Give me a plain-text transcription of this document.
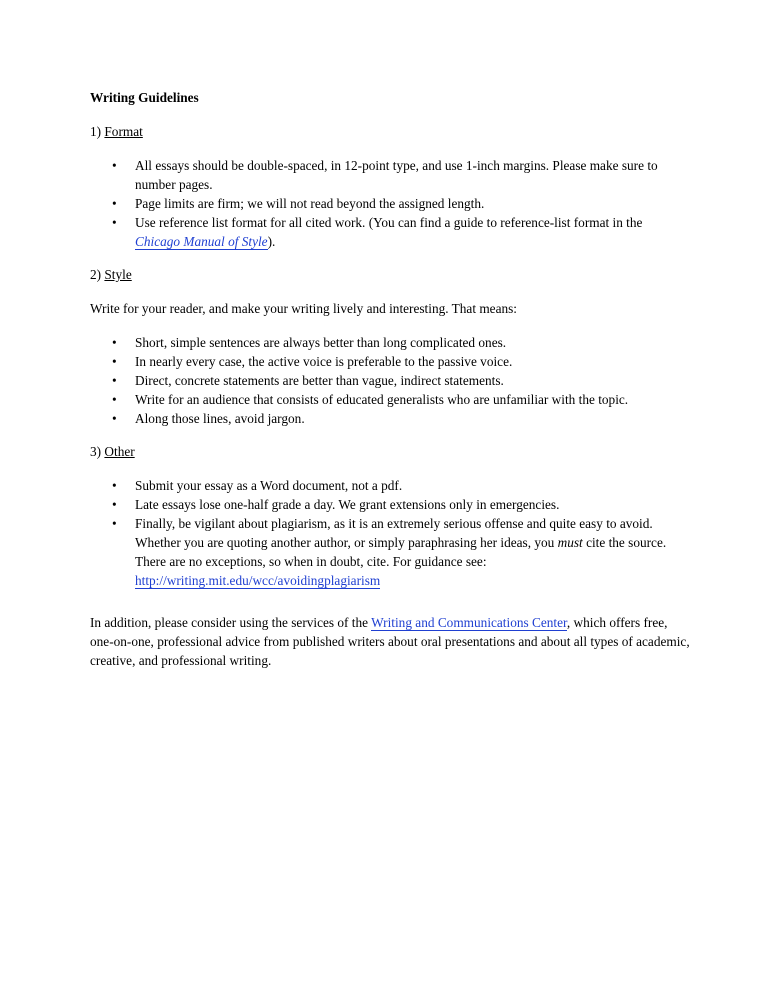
Writing Guidelines

1) Format

• All essays should be double-spaced, in 12-point type, and use 1-inch margins. Please make sure to number pages.
• Page limits are firm; we will not read beyond the assigned length.
• Use reference list format for all cited work. (You can find a guide to reference-list format in the Chicago Manual of Style).

2) Style

Write for your reader, and make your writing lively and interesting. That means:

• Short, simple sentences are always better than long complicated ones.
• In nearly every case, the active voice is preferable to the passive voice.
• Direct, concrete statements are better than vague, indirect statements.
• Write for an audience that consists of educated generalists who are unfamiliar with the topic.
• Along those lines, avoid jargon.

3) Other

• Submit your essay as a Word document, not a pdf.
• Late essays lose one-half grade a day. We grant extensions only in emergencies.
• Finally, be vigilant about plagiarism, as it is an extremely serious offense and quite easy to avoid. Whether you are quoting another author, or simply paraphrasing her ideas, you must cite the source. There are no exceptions, so when in doubt, cite. For guidance see: http://writing.mit.edu/wcc/avoidingplagiarism

In addition, please consider using the services of the Writing and Communications Center, which offers free, one-on-one, professional advice from published writers about oral presentations and about all types of academic, creative, and professional writing.
